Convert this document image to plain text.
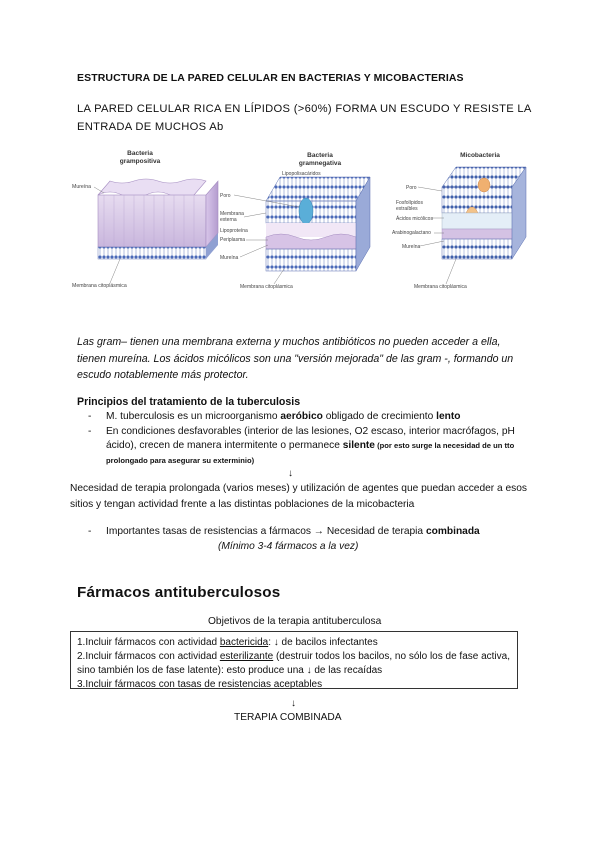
ESTRUCTURA DE LA PARED CELULAR EN BACTERIAS Y MICOBACTERIAS
LA PARED CELULAR RICA EN LÍPIDOS (>60%) FORMA UN ESCUDO Y RESISTE LA ENTRADA DE MUCHOS Ab
Bacteria
grampositiva
Mureína
Membrana citoplásmica
Bacteria
gramnegativa
Lipopolisacáridos
Poro
Membrana
externa
Lipoproteína
Periplasma
Mureína
Membrana citoplásmica
Micobacteria
Poro
Fosfolípidos
extraíbles
Ácidos micólicos
Arabinogalactano
Mureína
Membrana citoplásmica
Las gram– tienen una membrana externa y muchos antibióticos no pueden acceder a ella, tienen mureína. Los ácidos micólicos son una "versión mejorada" de las gram -, formando un escudo notablemente más protector.
Principios del tratamiento de la tuberculosis
- M. tuberculosis es un microorganismo aeróbico obligado de crecimiento lento
- En condiciones desfavorables (interior de las lesiones, O2 escaso, interior macrófagos, pH ácido), crecen de manera intermitente o permanece silente (por esto surge la necesidad de un tto prolongado para asegurar su exterminio)
↓
Necesidad de terapia prolongada (varios meses) y utilización de agentes que puedan acceder a esos sitios y tengan actividad frente a las distintas poblaciones de la micobacteria
- Importantes tasas de resistencias a fármacos → Necesidad de terapia combinada
(Mínimo 3-4 fármacos a la vez)
Fármacos antituberculosos
Objetivos de la terapia antituberculosa
1.Incluir fármacos con actividad bactericida: ↓ de bacilos infectantes
2.Incluir fármacos con actividad esterilizante (destruir todos los bacilos, no sólo los de fase activa, sino también los de fase latente): esto produce una ↓ de las recaídas
3.Incluir fármacos con tasas de resistencias aceptables
↓
TERAPIA COMBINADA
